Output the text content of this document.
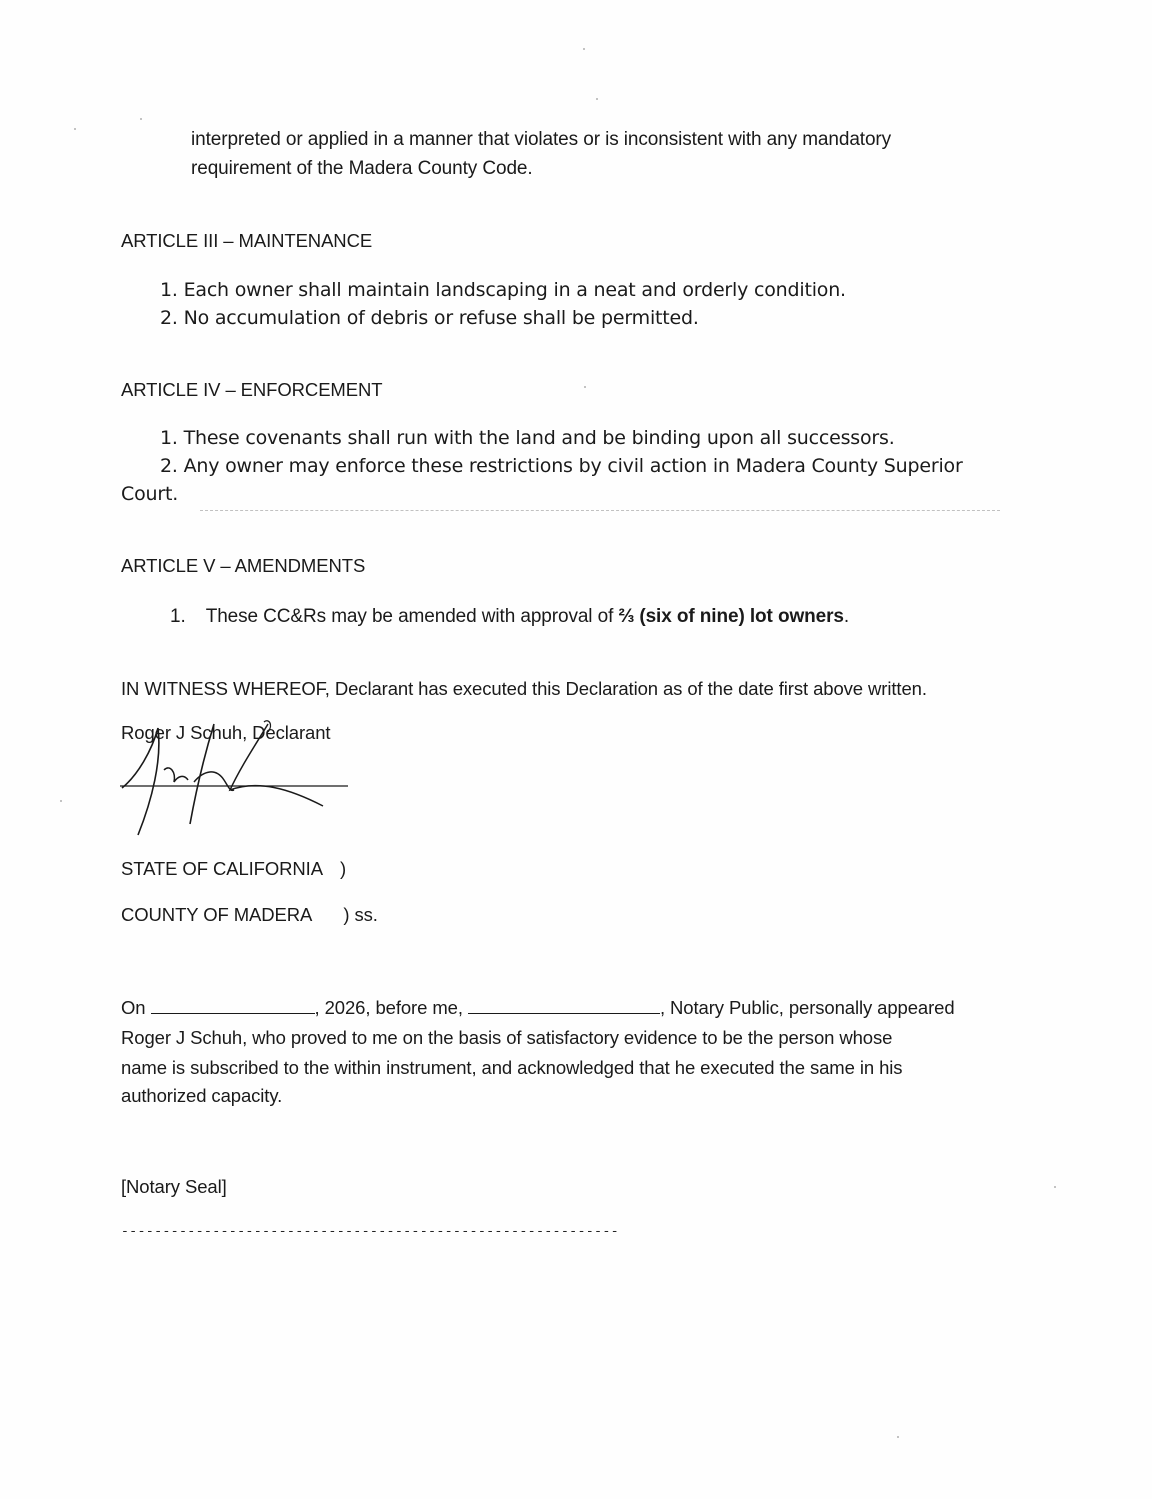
interpreted or applied in a manner that violates or is inconsistent with any mandatory
requirement of the Madera County Code.
ARTICLE III – MAINTENANCE
1. Each owner shall maintain landscaping in a neat and orderly condition.
2. No accumulation of debris or refuse shall be permitted.
ARTICLE IV – ENFORCEMENT
1. These covenants shall run with the land and be binding upon all successors.
2. Any owner may enforce these restrictions by civil action in Madera County Superior
Court.
ARTICLE V – AMENDMENTS
1. These CC&Rs may be amended with approval of ⅔ (six of nine) lot owners.
IN WITNESS WHEREOF, Declarant has executed this Declaration as of the date first above written.
Roger J Schuh, Declarant
STATE OF CALIFORNIA )
COUNTY OF MADERA ) ss.
On	, 2026, before me,	, Notary Public, personally appeared
Roger J Schuh, who proved to me on the basis of satisfactory evidence to be the person whose
name is subscribed to the within instrument, and acknowledged that he executed the same in his
authorized capacity.
[Notary Seal]
------------------------------------------------------------
